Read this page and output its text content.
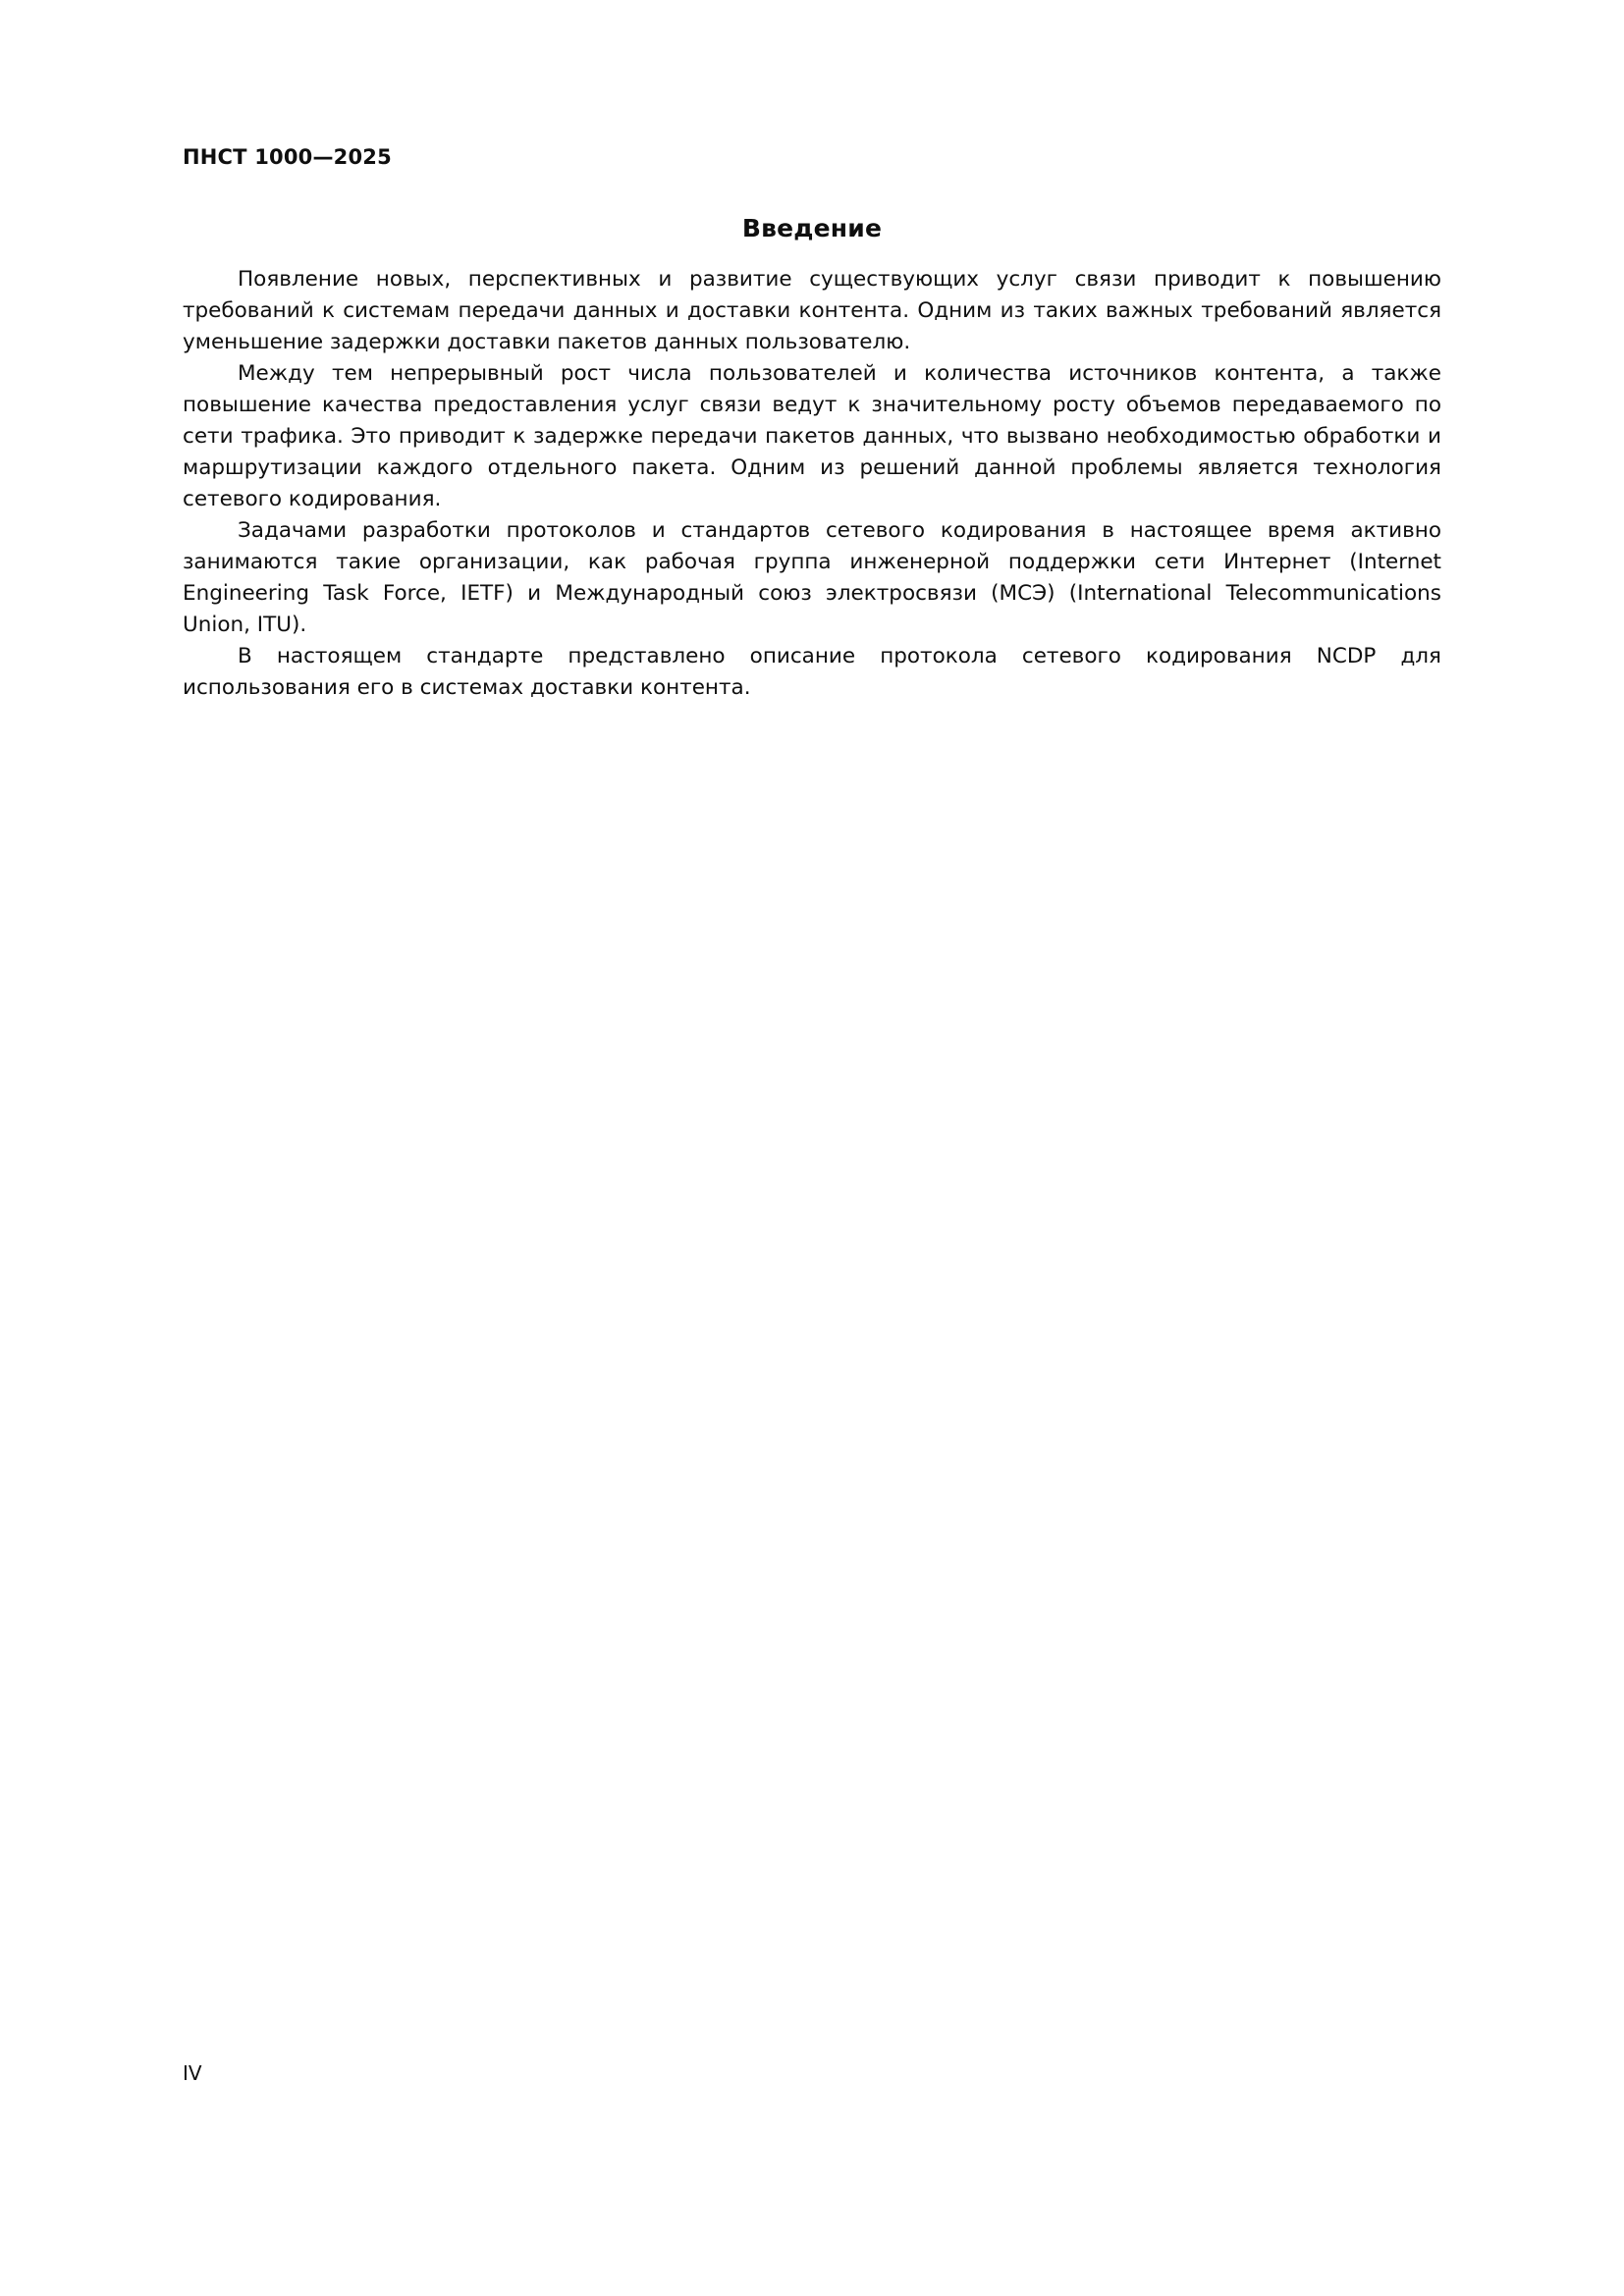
ПНСТ 1000—2025
Введение

Появление новых, перспективных и развитие существующих услуг связи приводит к повышению требований к системам передачи данных и доставки контента. Одним из таких важных требований является уменьшение задержки доставки пакетов данных пользователю.

Между тем непрерывный рост числа пользователей и количества источников контента, а также повышение качества предоставления услуг связи ведут к значительному росту объемов передаваемого по сети трафика. Это приводит к задержке передачи пакетов данных, что вызвано необходимостью обработки и маршрутизации каждого отдельного пакета. Одним из решений данной проблемы является технология сетевого кодирования.

Задачами разработки протоколов и стандартов сетевого кодирования в настоящее время активно занимаются такие организации, как рабочая группа инженерной поддержки сети Интернет (Internet Engineering Task Force, IETF) и Международный союз электросвязи (МСЭ) (International Telecommunications Union, ITU).

В настоящем стандарте представлено описание протокола сетевого кодирования NCDP для использования его в системах доставки контента.

IV
